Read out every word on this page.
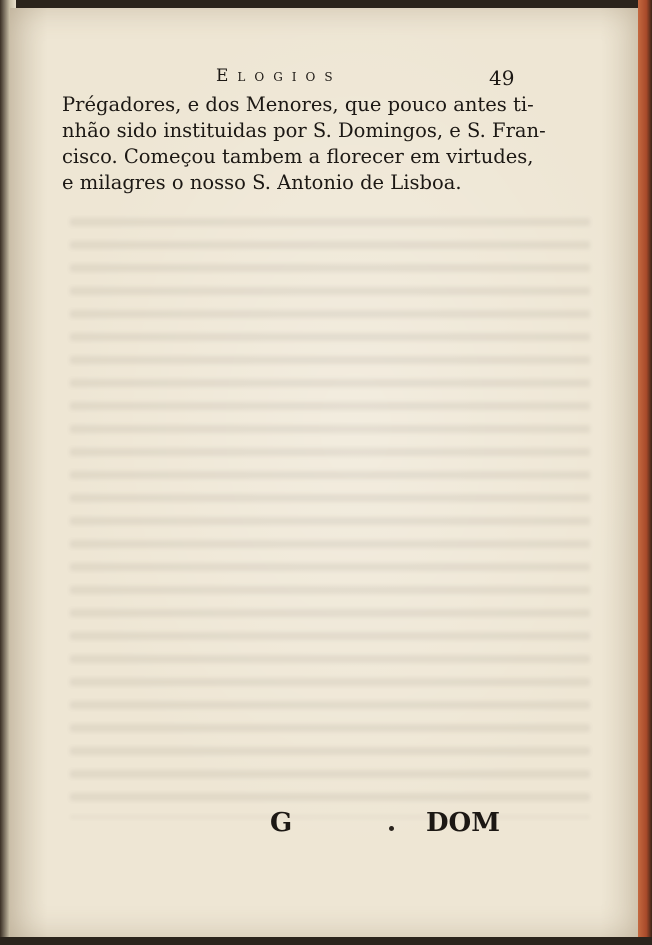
Elogios	49
Prégadores, e dos Menores, que pouco antes ti-
nhão sido instituidas por S. Domingos, e S. Fran-
cisco. Começou tambem a florecer em virtudes,
e milagres o nosso S. Antonio de Lisboa.
G	DOM
